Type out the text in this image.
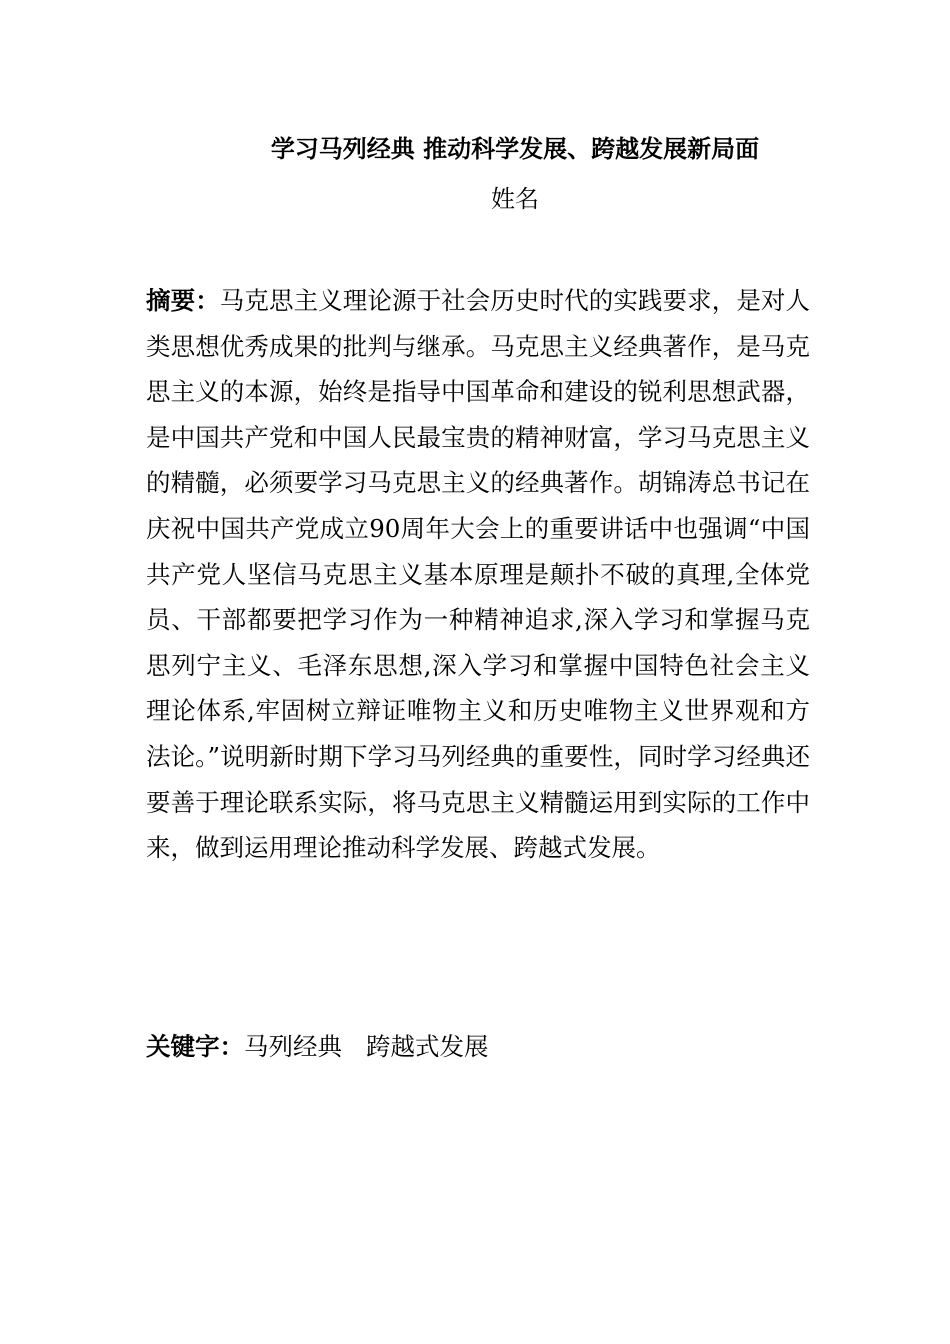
学习马列经典 推动科学发展、跨越发展新局面
姓名

摘要：马克思主义理论源于社会历史时代的实践要求，是对人类思想优秀成果的批判与继承。马克思主义经典著作，是马克思主义的本源，始终是指导中国革命和建设的锐利思想武器，是中国共产党和中国人民最宝贵的精神财富，学习马克思主义的精髓，必须要学习马克思主义的经典著作。胡锦涛总书记在庆祝中国共产党成立90周年大会上的重要讲话中也强调“中国共产党人坚信马克思主义基本原理是颠扑不破的真理,全体党员、干部都要把学习作为一种精神追求,深入学习和掌握马克思列宁主义、毛泽东思想,深入学习和掌握中国特色社会主义理论体系,牢固树立辩证唯物主义和历史唯物主义世界观和方法论。”说明新时期下学习马列经典的重要性，同时学习经典还要善于理论联系实际，将马克思主义精髓运用到实际的工作中来，做到运用理论推动科学发展、跨越式发展。

关键字：马列经典 跨越式发展
